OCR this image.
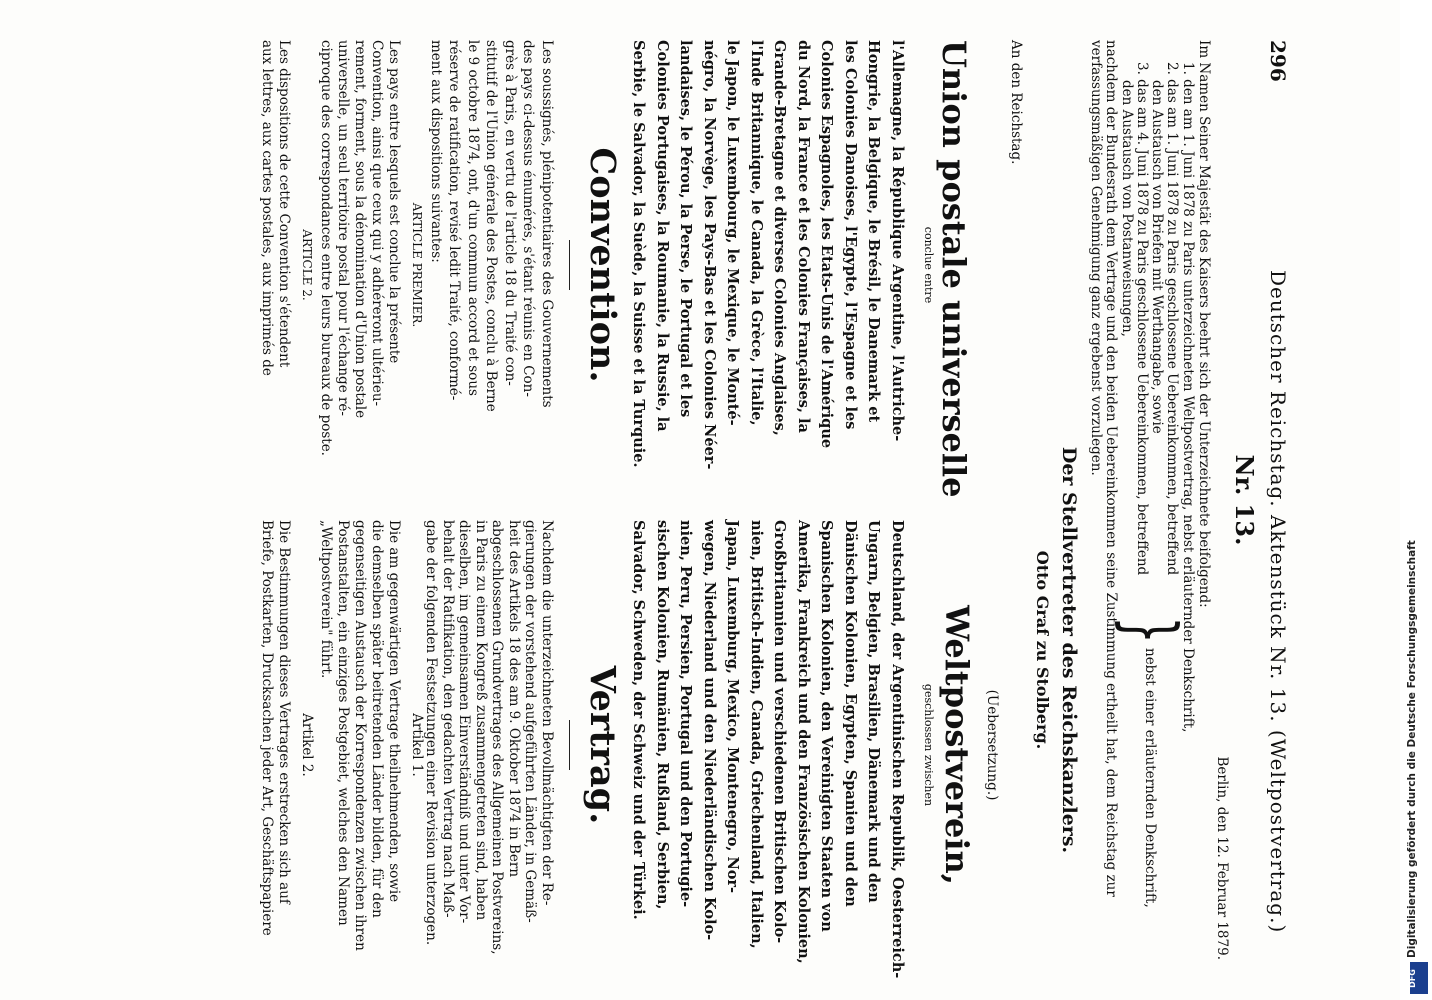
296
Deutscher Reichstag. Aktenstück Nr. 13. (Weltpostvertrag.)
Nr. 13.
Berlin, den 12. Februar 1879.
Im Namen Seiner Majestät des Kaisers beehrt sich der Unterzeichnete beifolgend:
1. den am 1. Juni 1878 zu Paris unterzeichneten Weltpostvertrag, nebst erläuternder Denkschrift,
2. das am 1. Juni 1878 zu Paris geschlossene Uebereinkommen, betreffend
den Austausch von Briefen mit Werthangabe, sowie
3. das am 4. Juni 1878 zu Paris geschlossene Uebereinkommen, betreffend
den Austausch von Postanweisungen,
}
nebst einer erläuternden Denkschrift,
nachdem der Bundesrath dem Vertrage und den beiden Uebereinkommen seine Zustimmung ertheilt hat, dem Reichstag zur
verfassungsmäßigen Genehmigung ganz ergebenst vorzulegen.
Der Stellvertreter des Reichskanzlers.
Otto Graf zu Stolberg.
An den Reichstag.
Union postale universelle
conclue entre
l'Allemagne, la République Argentine, l'Autriche-
Hongrie, la Belgique, le Brésil, le Danemark et
les Colonies Danoises, l'Egypte, l'Espagne et les
Colonies Espagnoles, les Etats-Unis de l'Amérique
du Nord, la France et les Colonies Françaises, la
Grande-Bretagne et diverses Colonies Anglaises,
l'Inde Britannique, le Canada, la Grèce, l'Italie,
le Japon, le Luxembourg, le Mexique, le Monté-
négro, la Norvège, les Pays-Bas et les Colonies Néer-
landaises, le Pérou, la Perse, le Portugal et les
Colonies Portugaises, la Roumanie, la Russie, la
Serbie, le Salvador, la Suède, la Suisse et la Turquie.
Convention.
Les soussignés, plénipotentiaires des Gouvernements
des pays ci-dessus énumérés, s'étant réunis en Con-
grès à Paris, en vertu de l'article 18 du Traité con-
stitutif de l'Union générale des Postes, conclu à Berne
le 9 octobre 1874, ont, d'un commun accord et sous
réserve de ratification, revisé ledit Traité, conformé-
ment aux dispositions suivantes:
ARTICLE PREMIER.
Les pays entre lesquels est conclue la présente
Convention, ainsi que ceux qui y adhéreront ultérieu-
rement, forment, sous la dénomination d'Union postale
universelle, un seul territoire postal pour l'échange ré-
ciproque des correspondances entre leurs bureaux de poste.
ARTICLE 2.
Les dispositions de cette Convention s'étendent
aux lettres, aux cartes postales, aux imprimés de
(Uebersetzung.)
Weltpostverein,
geschlossen zwischen
Deutschland, der Argentinischen Republik, Oesterreich-
Ungarn, Belgien, Brasilien, Dänemark und den
Dänischen Kolonien, Egypten, Spanien und den
Spanischen Kolonien, den Vereinigten Staaten von
Amerika, Frankreich und den Französischen Kolonien,
Großbritannien und verschiedenen Britischen Kolo-
nien, Britisch-Indien, Canada, Griechenland, Italien,
Japan, Luxemburg, Mexico, Montenegro, Nor-
wegen, Niederland und den Niederländischen Kolo-
nien, Peru, Persien, Portugal und den Portugie-
sischen Kolonien, Rumänien, Rußland, Serbien,
Salvador, Schweden, der Schweiz und der Türkei.
Vertrag.
Nachdem die unterzeichneten Bevollmächtigten der Re-
gierungen der vorstehend aufgeführten Länder, in Gemäß-
heit des Artikels 18 des am 9. Oktober 1874 in Bern
abgeschlossenen Grundvertrages des Allgemeinen Postvereins,
in Paris zu einem Kongreß zusammengetreten sind, haben
dieselben, im gemeinsamen Einverständniß und unter Vor-
behalt der Ratifikation, den gedachten Vertrag nach Maß-
gabe der folgenden Festsetzungen einer Revision unterzogen.
Artikel 1.
Die am gegenwärtigen Vertrage theilnehmenden, sowie
die demselben später beitretenden Länder bilden, für den
gegenseitigen Austausch der Korrespondenzen zwischen ihren
Postanstalten, ein einziges Postgebiet, welches den Namen
„Weltpostverein" führt.
Artikel 2.
Die Bestimmungen dieses Vertrages erstrecken sich auf
Briefe, Postkarten, Drucksachen jeder Art, Geschäftspapiere	Digitalisierung gefördert durch die Deutsche Forschungsgemeinschaft
DFG
